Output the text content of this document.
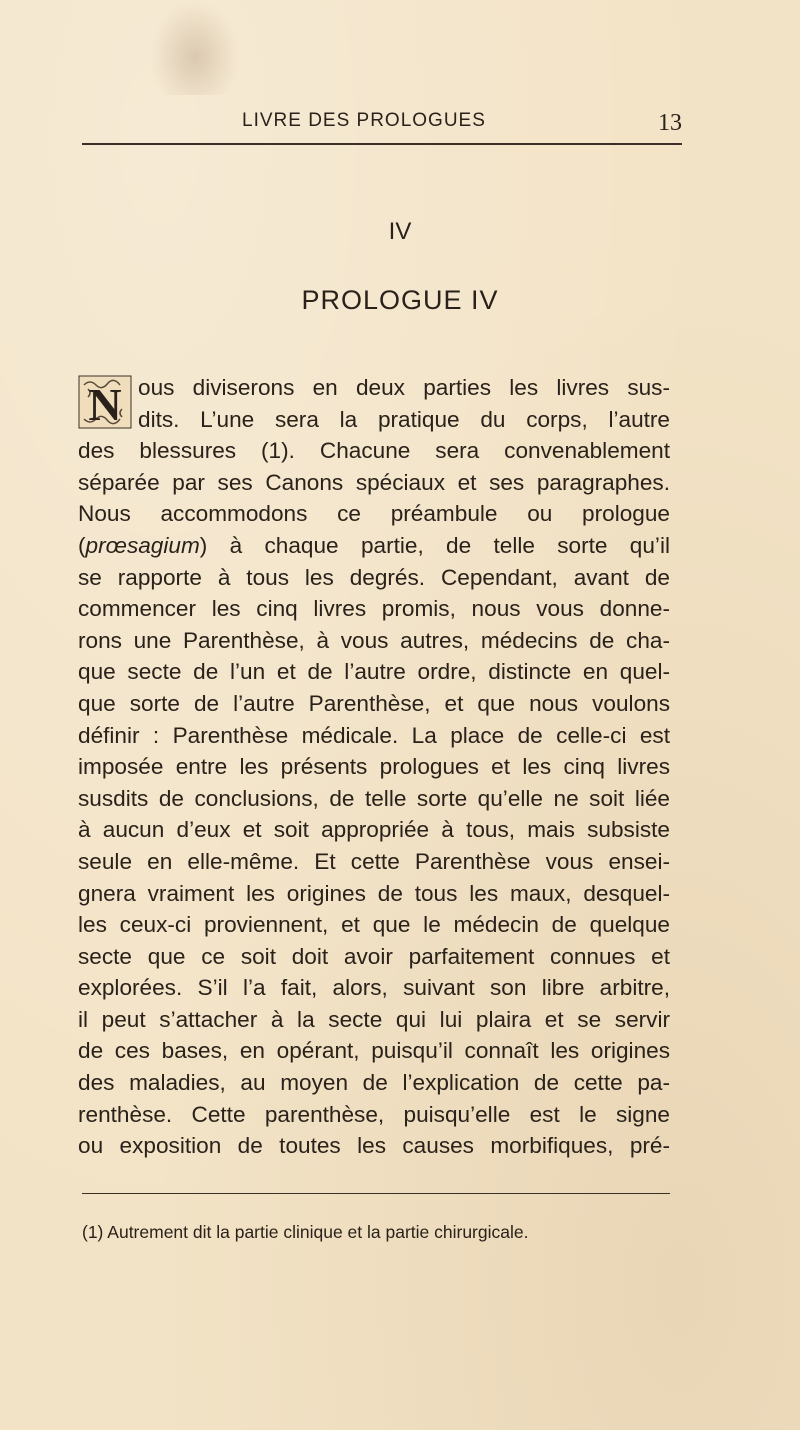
LIVRE DES PROLOGUES	13
IV
PROLOGUE IV
N ous diviserons en deux parties les livres sus-
dits. L’une sera la pratique du corps, l’autre
des blessures (1). Chacune sera convenablement
séparée par ses Canons spéciaux et ses paragraphes.
Nous accommodons ce préambule ou prologue
(prœsagium) à chaque partie, de telle sorte qu’il
se rapporte à tous les degrés. Cependant, avant de
commencer les cinq livres promis, nous vous donne-
rons une Parenthèse, à vous autres, médecins de cha-
que secte de l’un et de l’autre ordre, distincte en quel-
que sorte de l’autre Parenthèse, et que nous voulons
définir : Parenthèse médicale. La place de celle-ci est
imposée entre les présents prologues et les cinq livres
susdits de conclusions, de telle sorte qu’elle ne soit liée
à aucun d’eux et soit appropriée à tous, mais subsiste
seule en elle-même. Et cette Parenthèse vous ensei-
gnera vraiment les origines de tous les maux, desquel-
les ceux-ci proviennent, et que le médecin de quelque
secte que ce soit doit avoir parfaitement connues et
explorées. S’il l’a fait, alors, suivant son libre arbitre,
il peut s’attacher à la secte qui lui plaira et se servir
de ces bases, en opérant, puisqu’il connaît les origines
des maladies, au moyen de l’explication de cette pa-
renthèse. Cette parenthèse, puisqu’elle est le signe
ou exposition de toutes les causes morbifiques, pré-
(1) Autrement dit la partie clinique et la partie chirurgicale.
